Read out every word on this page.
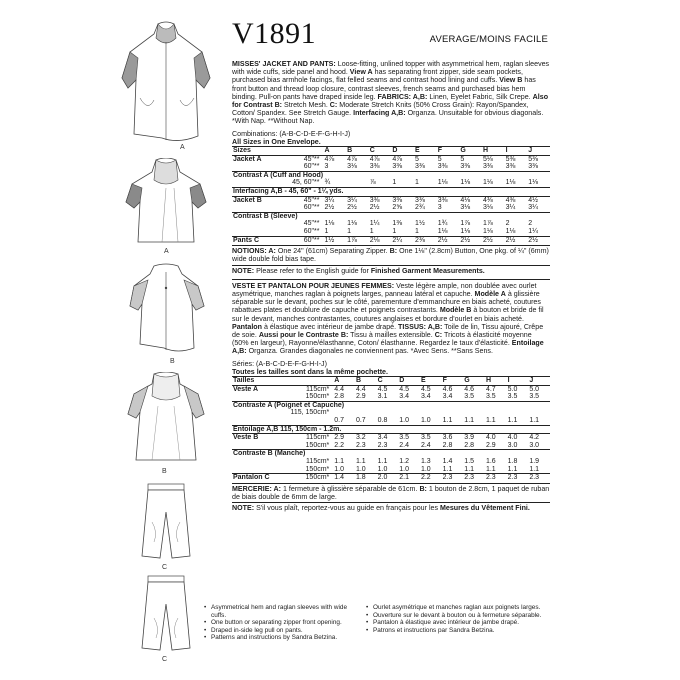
A
A
B
B
C
C
V1891	AVERAGE/MOINS FACILE
MISSES' JACKET AND PANTS: Loose-fitting, unlined topper with asymmetrical hem, raglan sleeves with wide cuffs, side panel and hood. View A has separating front zipper, side seam pockets, purchased bias armhole facings, flat felled seams and contrast hood lining and cuffs. View B has front button and thread loop closure, contrast sleeves, french seams and purchased bias hem binding. Pull-on pants have draped inside leg. FABRICS: A,B: Linen, Eyelet Fabric, Silk Crepe. Also for Contrast B: Stretch Mesh. C: Moderate Stretch Knits (50% Cross Grain): Rayon/Spandex, Cotton/ Spandex. See Stretch Gauge. Interfacing A,B: Organza. Unsuitable for obvious diagonals. *With Nap. **Without Nap.
Combinations: (A-B-C-D-E-F-G-H-I-J)
All Sizes in One Envelope.
Sizes		A	B	C	D	E	F	G	H	I	J
Jacket A	45"**	4⅞	4⅞	4⅞	4⅞	5	5	5	5⅛	5⅜	5⅜
	60"**	3	3⅛	3⅜	3⅜	3⅜	3⅜	3⅜	3⅜	3⅜	3⅜
Contrast A (Cuff and Hood)											
	45, 60"**	¾		⅞	1	1	1⅛	1⅛	1⅛	1⅛	1⅛
Interfacing A,B - 45, 60" - 1¼ yds.											
Jacket B	45"**	3¼	3¼	3⅜	3⅜	3⅜	3⅜	4⅛	4⅜	4⅜	4½
	60"**	2½	2½	2½	2⅝	2¾	3	3⅛	3⅛	3¼	3¼
Contrast B (Sleeve)											
	45"**	1⅛	1⅛	1¼	1⅜	1½	1¾	1⅞	1⅞	2	2
	60"**	1	1	1	1	1	1⅛	1⅛	1⅛	1⅛	1¼
Pants C	60"**	1½	1⅞	2⅛	2¼	2⅜	2½	2½	2½	2½	2½
NOTIONS: A: One 24" (61cm) Separating Zipper. B: One 1⅛" (2.8cm) Button, One pkg. of ¼" (6mm) wide double fold bias tape.
NOTE: Please refer to the English guide for Finished Garment Measurements.
VESTE ET PANTALON POUR JEUNES FEMMES: Veste légère ample, non doublée avec ourlet asymétrique, manches raglan à poignets larges, panneau latéral et capuche. Modèle A à glissière séparable sur le devant, poches sur le côté, parementure d'emmanchure en biais acheté, coutures rabattues plates et doublure de capuche et poignets contrastants. Modèle B à bouton et bride de fil sur le devant, manches contrastantes, coutures anglaises et bordure d'ourlet en biais acheté. Pantalon à élastique avec intérieur de jambe drapé. TISSUS: A,B: Toile de lin, Tissu ajouré, Crêpe de soie. Aussi pour le Contraste B: Tissu à mailles extensible. C: Tricots à élasticité moyenne (50% en largeur), Rayonne/élasthanne, Coton/ élasthanne. Regardez le taux d'élasticité. Entoilage A,B: Organza. Grandes diagonales ne conviennent pas. *Avec Sens. **Sans Sens.
Séries: (A-B-C-D-E-F-G-H-I-J)
Toutes les tailles sont dans la même pochette.
Tailles		A	B	C	D	E	F	G	H	I	J
Veste A	115cm*	4.4	4.4	4.5	4.5	4.5	4.6	4.6	4.7	5.0	5.0
	150cm*	2.8	2.9	3.1	3.4	3.4	3.4	3.5	3.5	3.5	3.5
Contraste A (Poignet et Capuche)											
	115, 150cm*										
		0.7	0.7	0.8	1.0	1.0	1.1	1.1	1.1	1.1	1.1
Entoilage A,B 115, 150cm - 1.2m.											
Veste B	115cm*	2.9	3.2	3.4	3.5	3.5	3.6	3.9	4.0	4.0	4.2
	150cm*	2.2	2.3	2.3	2.4	2.4	2.8	2.8	2.9	3.0	3.0
Contraste B (Manche)											
	115cm*	1.1	1.1	1.1	1.2	1.3	1.4	1.5	1.6	1.8	1.9
	150cm*	1.0	1.0	1.0	1.0	1.0	1.1	1.1	1.1	1.1	1.1
Pantalon C	150cm*	1.4	1.8	2.0	2.1	2.2	2.3	2.3	2.3	2.3	2.3
MERCERIE: A: 1 fermeture à glissière séparable de 61cm. B: 1 bouton de 2.8cm, 1 paquet de ruban de biais double de 6mm de large.
NOTE: S'il vous plaît, reportez-vous au guide en français pour les Mesures du Vêtement Fini.
• Asymmetrical hem and raglan sleeves with wide cuffs.
• One button or separating zipper front opening.
• Draped in-side leg pull on pants.
• Patterns and instructions by Sandra Betzina.
• Ourlet asymétrique et manches raglan aux poignets larges.
• Ouverture sur le devant à bouton ou à fermeture séparable.
• Pantalon à élastique avec intérieur de jambe drapé.
• Patrons et instructions par Sandra Betzina.
